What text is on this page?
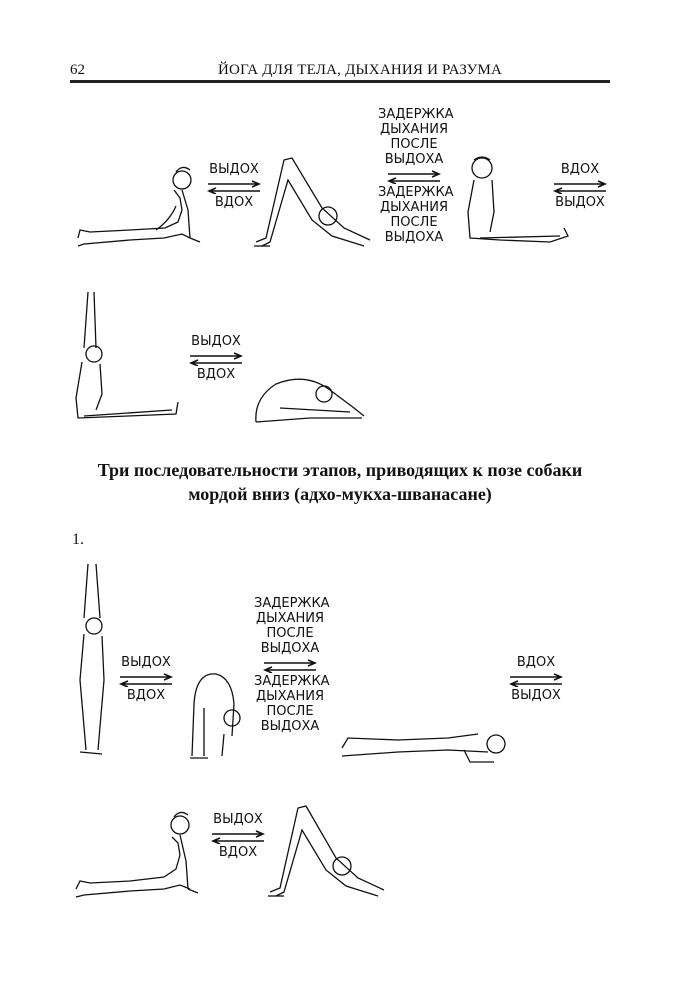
62	ЙОГА ДЛЯ ТЕЛА, ДЫХАНИЯ И РАЗУМА
ВЫДОХ
ВДОХ
ЗАДЕРЖКА
ДЫХАНИЯ
ПОСЛЕ
ВЫДОХА
ЗАДЕРЖКА
ДЫХАНИЯ
ПОСЛЕ
ВЫДОХА
ВДОХ
ВЫДОХ
ВЫДОХ
ВДОХ
Три последовательности этапов, приводящих к позе собаки
мордой вниз (адхо-мукха-шванасане)
1.
ВЫДОХ
ВДОХ
ЗАДЕРЖКА
ДЫХАНИЯ
ПОСЛЕ
ВЫДОХА
ЗАДЕРЖКА
ДЫХАНИЯ
ПОСЛЕ
ВЫДОХА
ВДОХ
ВЫДОХ
ВЫДОХ
ВДОХ
